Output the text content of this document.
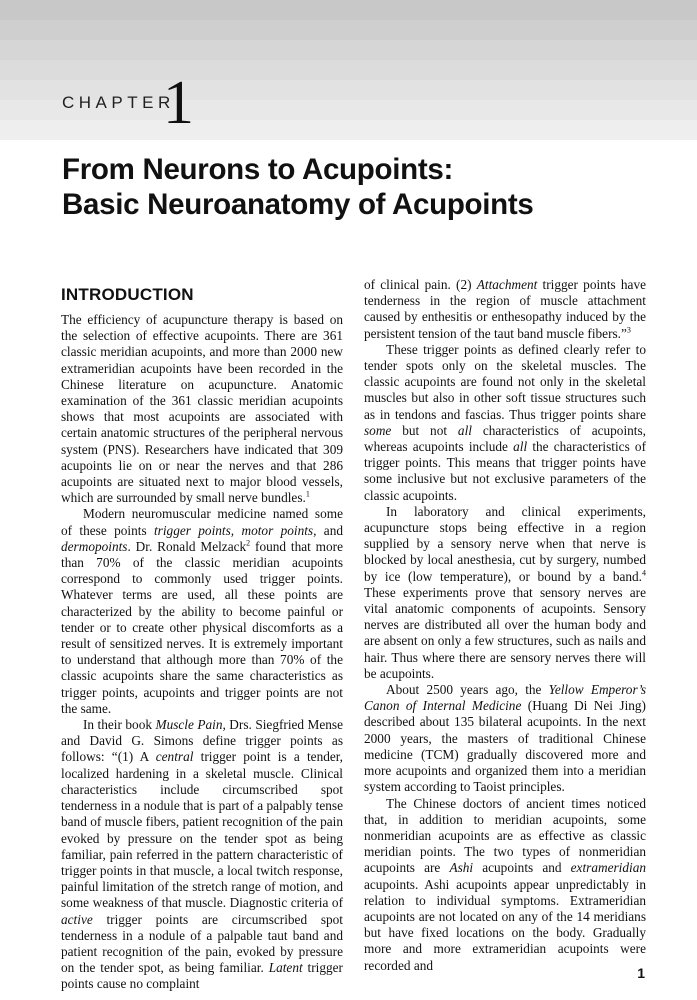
CHAPTER
1
From Neurons to Acupoints:
Basic Neuroanatomy of Acupoints
INTRODUCTION

The efficiency of acupuncture therapy is based on the selection of effective acupoints. There are 361 classic meridian acupoints, and more than 2000 new extrameridian acupoints have been recorded in the Chinese literature on acupuncture. Anatomic examination of the 361 classic meridian acupoints shows that most acupoints are associated with certain anatomic structures of the peripheral nervous system (PNS). Researchers have indicated that 309 acupoints lie on or near the nerves and that 286 acupoints are situated next to major blood vessels, which are surrounded by small nerve bundles.$^1$

Modern neuromuscular medicine named some of these points trigger points, motor points, and dermopoints. Dr. Ronald Melzack$^2$ found that more than 70% of the classic meridian acupoints correspond to commonly used trigger points. Whatever terms are used, all these points are characterized by the ability to become painful or tender or to create other physical discomforts as a result of sensitized nerves. It is extremely important to understand that although more than 70% of the classic acupoints share the same characteristics as trigger points, acupoints and trigger points are not the same.

In their book Muscle Pain, Drs. Siegfried Mense and David G. Simons define trigger points as follows: “(1) A central trigger point is a tender, localized hardening in a skeletal muscle. Clinical characteristics include circumscribed spot tenderness in a nodule that is part of a palpably tense band of muscle fibers, patient recognition of the pain evoked by pressure on the tender spot as being familiar, pain referred in the pattern characteristic of trigger points in that muscle, a local twitch response, painful limitation of the stretch range of motion, and some weakness of that muscle. Diagnostic criteria of active trigger points are circumscribed spot tenderness in a nodule of a palpable taut band and patient recognition of the pain, evoked by pressure on the tender spot, as being familiar. Latent trigger points cause no complaint

of clinical pain. (2) Attachment trigger points have tenderness in the region of muscle attachment caused by enthesitis or enthesopathy induced by the persistent tension of the taut band muscle fibers.”$^3$

These trigger points as defined clearly refer to tender spots only on the skeletal muscles. The classic acupoints are found not only in the skeletal muscles but also in other soft tissue structures such as in tendons and fascias. Thus trigger points share some but not all characteristics of acupoints, whereas acupoints include all the characteristics of trigger points. This means that trigger points have some inclusive but not exclusive parameters of the classic acupoints.

In laboratory and clinical experiments, acupuncture stops being effective in a region supplied by a sensory nerve when that nerve is blocked by local anesthesia, cut by surgery, numbed by ice (low temperature), or bound by a band.$^4$ These experiments prove that sensory nerves are vital anatomic components of acupoints. Sensory nerves are distributed all over the human body and are absent on only a few structures, such as nails and hair. Thus where there are sensory nerves there will be acupoints.

About 2500 years ago, the Yellow Emperor’s Canon of Internal Medicine (Huang Di Nei Jing) described about 135 bilateral acupoints. In the next 2000 years, the masters of traditional Chinese medicine (TCM) gradually discovered more and more acupoints and organized them into a meridian system according to Taoist principles.

The Chinese doctors of ancient times noticed that, in addition to meridian acupoints, some nonmeridian acupoints are as effective as classic meridian points. The two types of nonmeridian acupoints are Ashi acupoints and extrameridian acupoints. Ashi acupoints appear unpredictably in relation to individual symptoms. Extrameridian acupoints are not located on any of the 14 meridians but have fixed locations on the body. Gradually more and more extrameridian acupoints were recorded and	1
